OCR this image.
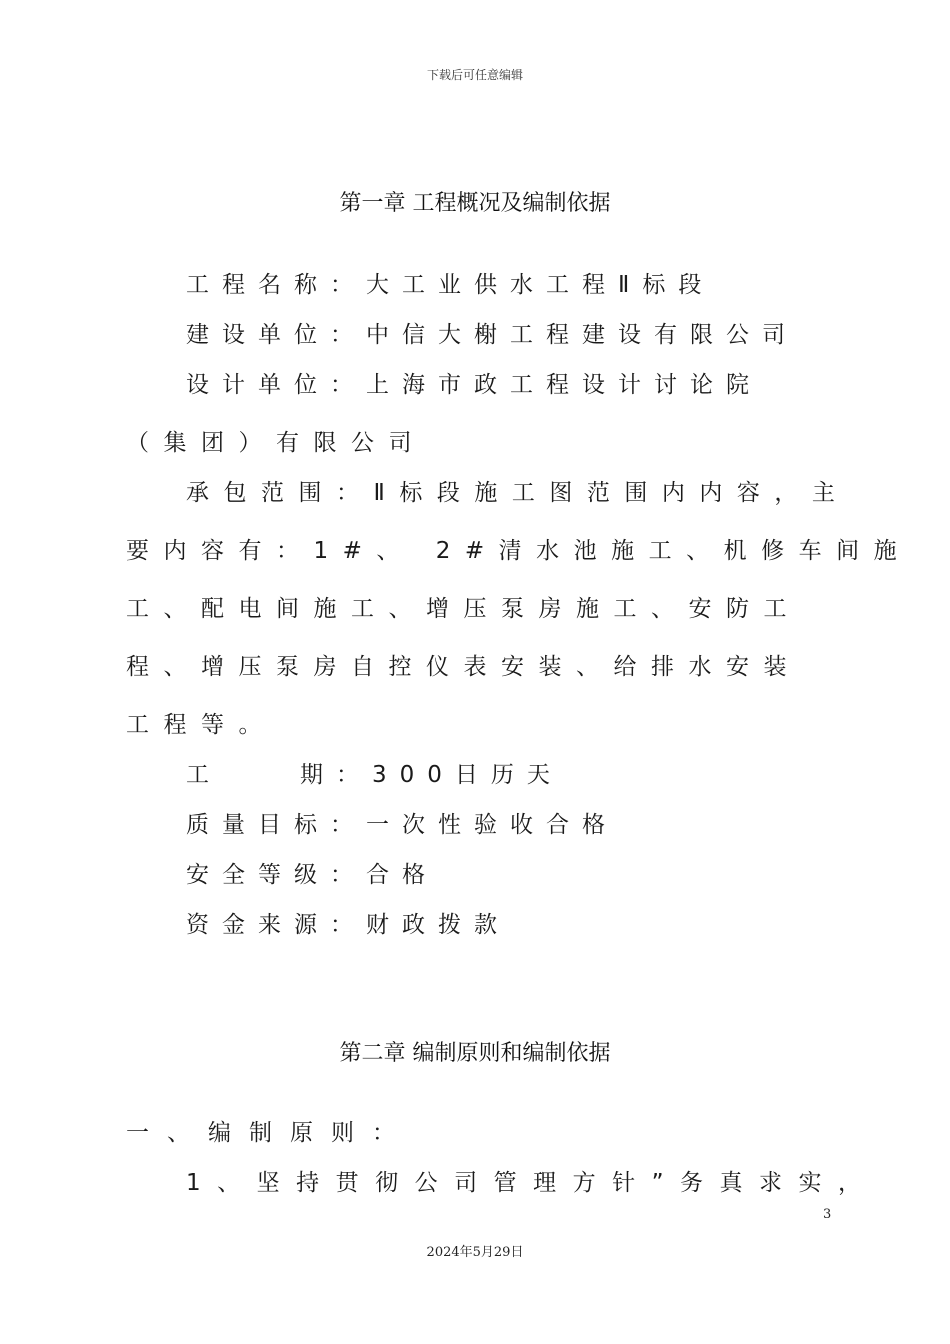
下载后可任意编辑
第一章 工程概况及编制依据
工程名称：大工业供水工程Ⅱ标段
建设单位：中信大榭工程建设有限公司
设计单位：上海市政工程设计讨论院
（集团）有限公司
承包范围：Ⅱ标段施工图范围内内容，主
要内容有：1#、 2#清水池施工、机修车间施
工、配电间施工、增压泵房施工、安防工
程、增压泵房自控仪表安装、给排水安装
工程等。
工	期：300日历天
质量目标：一次性验收合格
安全等级：合格
资金来源：财政拨款
第二章 编制原则和编制依据
一、编制原则：
1、坚持贯彻公司管理方针”务真求实，
3
2024年5月29日
